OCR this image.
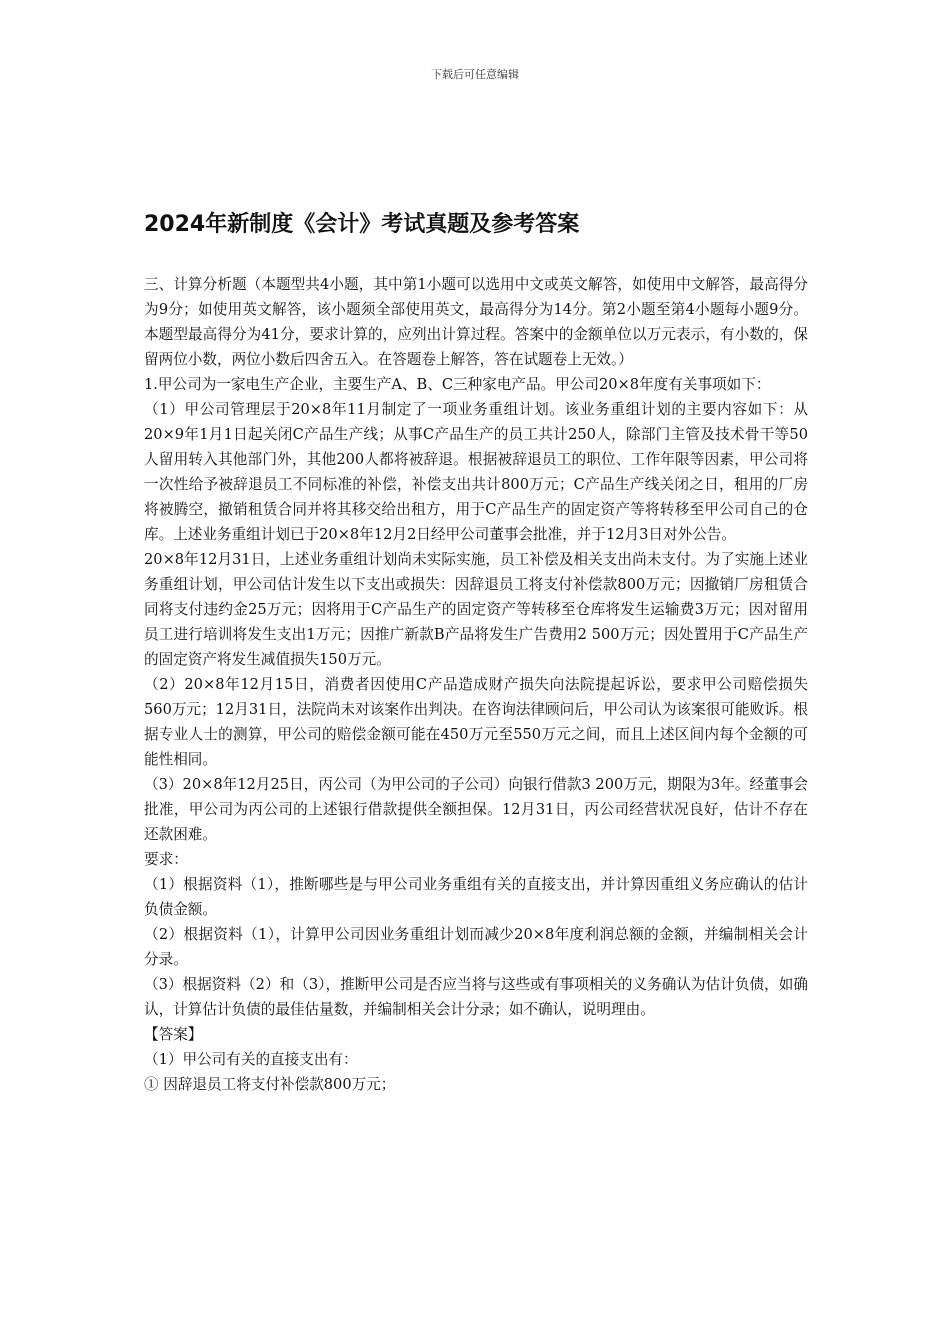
下载后可任意编辑
2024年新制度《会计》考试真题及参考答案

三、计算分析题（本题型共4小题，其中第1小题可以选用中文或英文解答，如使用中文解答，最高得分为9分；如使用英文解答，该小题须全部使用英文，最高得分为14分。第2小题至第4小题每小题9分。本题型最高得分为41分，要求计算的，应列出计算过程。答案中的金额单位以万元表示，有小数的，保留两位小数，两位小数后四舍五入。在答题卷上解答，答在试题卷上无效。）

1.甲公司为一家电生产企业，主要生产A、B、C三种家电产品。甲公司20×8年度有关事项如下：

（1）甲公司管理层于20×8年11月制定了一项业务重组计划。该业务重组计划的主要内容如下：从20×9年1月1日起关闭C产品生产线；从事C产品生产的员工共计250人，除部门主管及技术骨干等50人留用转入其他部门外，其他200人都将被辞退。根据被辞退员工的职位、工作年限等因素，甲公司将一次性给予被辞退员工不同标准的补偿，补偿支出共计800万元；C产品生产线关闭之日，租用的厂房将被腾空，撤销租赁合同并将其移交给出租方，用于C产品生产的固定资产等将转移至甲公司自己的仓库。上述业务重组计划已于20×8年12月2日经甲公司董事会批准，并于12月3日对外公告。

20×8年12月31日，上述业务重组计划尚未实际实施，员工补偿及相关支出尚未支付。为了实施上述业务重组计划，甲公司估计发生以下支出或损失：因辞退员工将支付补偿款800万元；因撤销厂房租赁合同将支付违约金25万元；因将用于C产品生产的固定资产等转移至仓库将发生运输费3万元；因对留用员工进行培训将发生支出1万元；因推广新款B产品将发生广告费用2 500万元；因处置用于C产品生产的固定资产将发生减值损失150万元。

（2）20×8年12月15日，消费者因使用C产品造成财产损失向法院提起诉讼，要求甲公司赔偿损失560万元；12月31日，法院尚未对该案作出判决。在咨询法律顾问后，甲公司认为该案很可能败诉。根据专业人士的测算，甲公司的赔偿金额可能在450万元至550万元之间，而且上述区间内每个金额的可能性相同。

（3）20×8年12月25日，丙公司（为甲公司的子公司）向银行借款3 200万元，期限为3年。经董事会批准，甲公司为丙公司的上述银行借款提供全额担保。12月31日，丙公司经营状况良好，估计不存在还款困难。

要求：

（1）根据资料（1），推断哪些是与甲公司业务重组有关的直接支出，并计算因重组义务应确认的估计负债金额。

（2）根据资料（1），计算甲公司因业务重组计划而减少20×8年度利润总额的金额，并编制相关会计分录。

（3）根据资料（2）和（3），推断甲公司是否应当将与这些或有事项相关的义务确认为估计负债，如确认，计算估计负债的最佳估量数，并编制相关会计分录；如不确认，说明理由。

【答案】

（1）甲公司有关的直接支出有：

① 因辞退员工将支付补偿款800万元；
